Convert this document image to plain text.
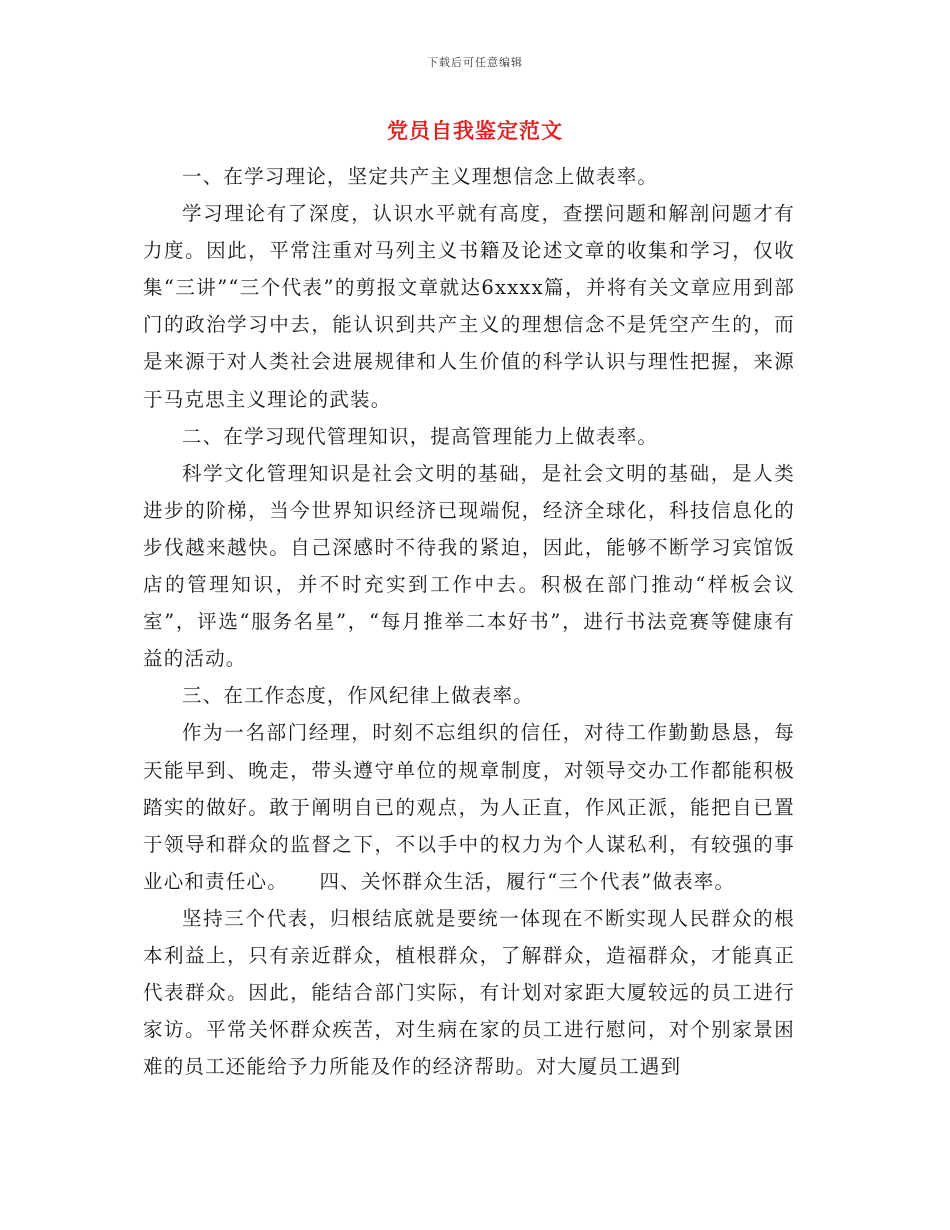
下载后可任意编辑
党员自我鉴定范文

一、在学习理论，坚定共产主义理想信念上做表率。

学习理论有了深度，认识水平就有高度，查摆问题和解剖问题才有力度。因此，平常注重对马列主义书籍及论述文章的收集和学习，仅收集“三讲”“三个代表”的剪报文章就达6xxxx篇，并将有关文章应用到部门的政治学习中去，能认识到共产主义的理想信念不是凭空产生的，而是来源于对人类社会进展规律和人生价值的科学认识与理性把握，来源于马克思主义理论的武装。

二、在学习现代管理知识，提高管理能力上做表率。

科学文化管理知识是社会文明的基础，是社会文明的基础，是人类进步的阶梯，当今世界知识经济已现端倪，经济全球化，科技信息化的步伐越来越快。自己深感时不待我的紧迫，因此，能够不断学习宾馆饭店的管理知识，并不时充实到工作中去。积极在部门推动“样板会议室”，评选“服务名星”，“每月推举二本好书”，进行书法竞赛等健康有益的活动。

三、在工作态度，作风纪律上做表率。

作为一名部门经理，时刻不忘组织的信任，对待工作勤勤恳恳，每天能早到、晚走，带头遵守单位的规章制度，对领导交办工作都能积极踏实的做好。敢于阐明自已的观点，为人正直，作风正派，能把自已置于领导和群众的监督之下，不以手中的权力为个人谋私利，有较强的事业心和责任心。　　四、关怀群众生活，履行“三个代表”做表率。

坚持三个代表，归根结底就是要统一体现在不断实现人民群众的根本利益上，只有亲近群众，植根群众，了解群众，造福群众，才能真正代表群众。因此，能结合部门实际，有计划对家距大厦较远的员工进行家访。平常关怀群众疾苦，对生病在家的员工进行慰问，对个别家景困难的员工还能给予力所能及作的经济帮助。对大厦员工遇到
